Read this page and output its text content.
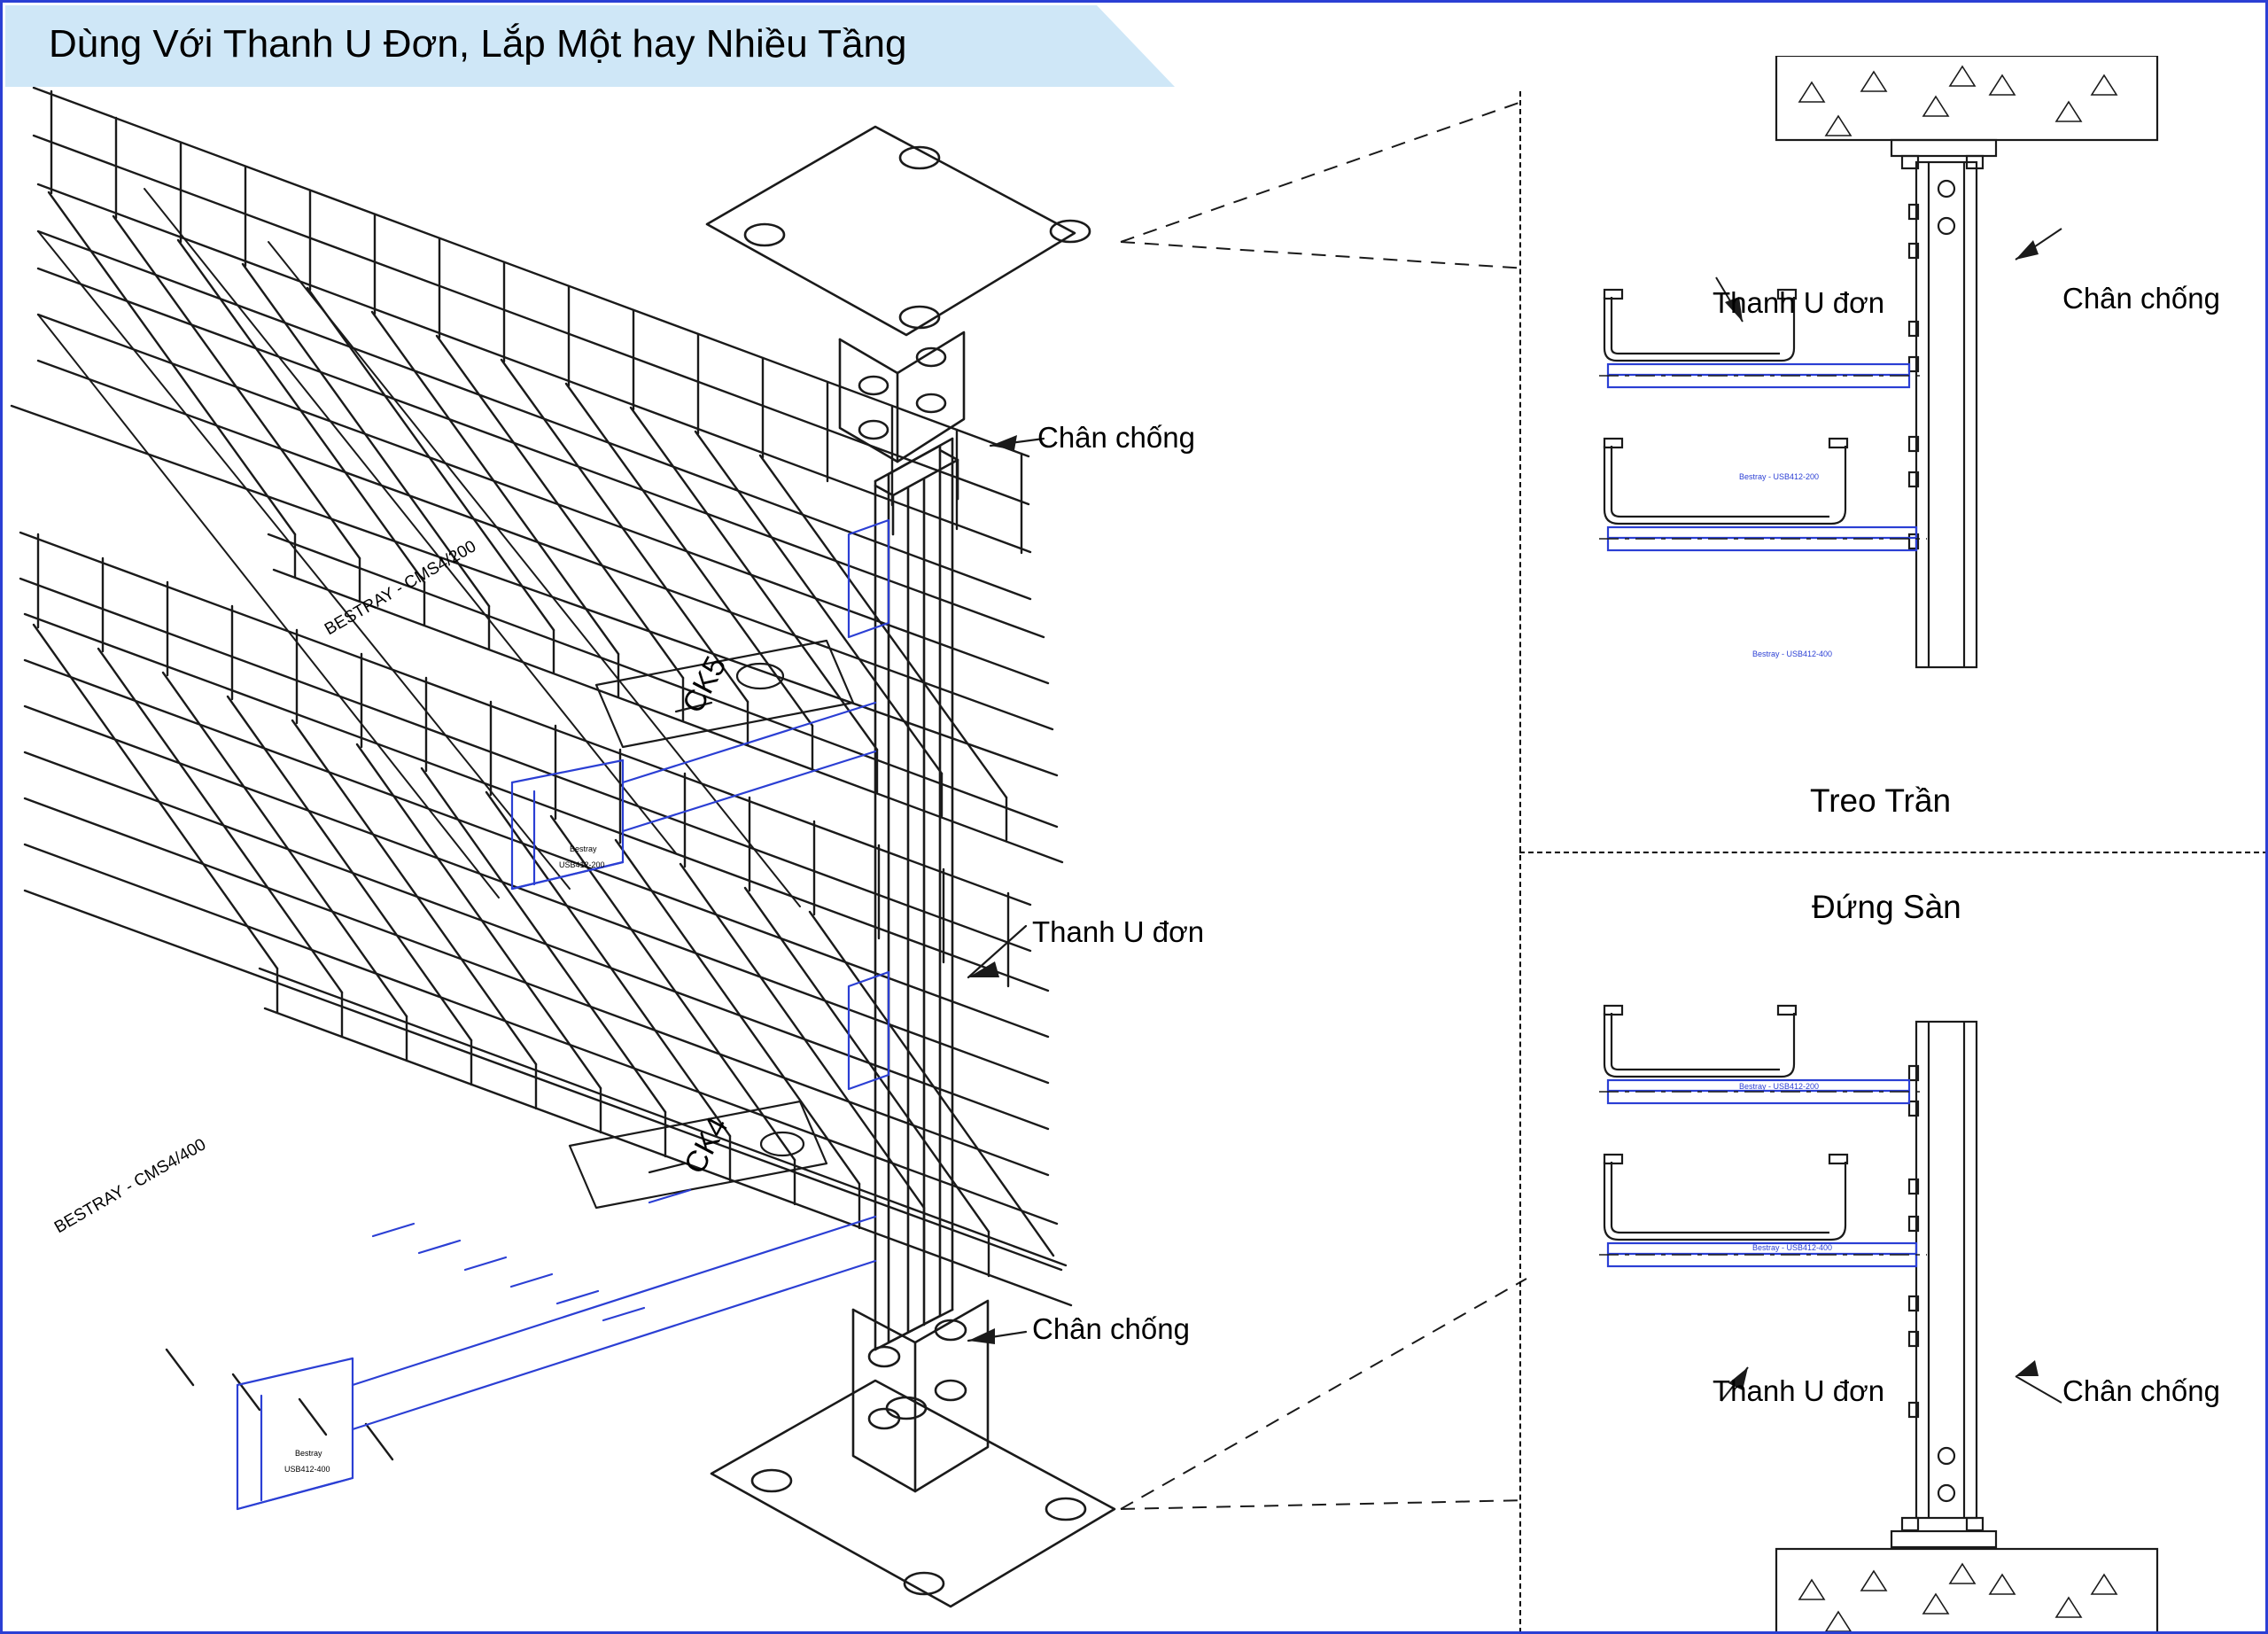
Dùng Với Thanh U Đơn, Lắp Một hay Nhiều Tầng
Chân chống
Thanh U đơn
Chân chống
CK5
CK4
BESTRAY - CMS4/200
BESTRAY - CMS4/400
Bestray
USB412-200
Bestray
USB412-400
Thanh U đơn	Chân chống
Bestray - USB412-200
Bestray - USB412-400
Treo Trần
Đứng Sàn
Bestray - USB412-200
Bestray - USB412-400
Thanh U đơn	Chân chống
